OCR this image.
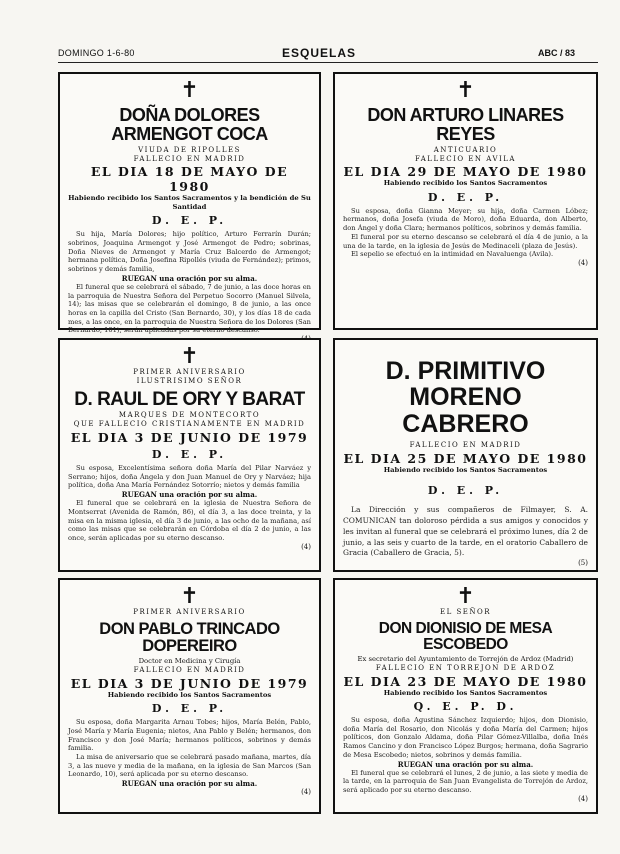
DOMINGO 1-6-80	ESQUELAS	ABC / 83
✝
DOÑA DOLORES ARMENGOT COCA
VIUDA DE RIPOLLES
FALLECIO EN MADRID
EL DIA 18 DE MAYO DE 1980
Habiendo recibido los Santos Sacramentos y la bendición de Su Santidad
D. E. P.

Su hija, María Dolores; hijo político, Arturo Ferrarín Durán; sobrinos, Joaquina Armengot y José Armengot de Pedro; sobrinas, Doña Nieves de Armengot y María Cruz Balcerdo de Armengot; hermana política, Doña Josefina Ripollés (viuda de Fernández); primos, sobrinos y demás familia,

RUEGAN una oración por su alma.

El funeral que se celebrará el sábado, 7 de junio, a las doce horas en la parroquia de Nuestra Señora del Perpetuo Socorro (Manuel Silvela, 14); las misas que se celebrarán el domingo, 8 de junio, a las once horas en la capilla del Cristo (San Bernardo, 30), y los días 18 de cada mes, a las once, en la parroquia de Nuestra Señora de los Dolores (San Bernardo, 101), serán aplicadas por su eterno descanso.

✝
DON ARTURO LINARES REYES
ANTICUARIO
FALLECIO EN AVILA
EL DIA 29 DE MAYO DE 1980
Habiendo recibido los Santos Sacramentos
D. E. P.

Su esposa, doña Gianna Meyer; su hija, doña Carmen Lóbez; hermanos, doña Josefa (viuda de Moro), doña Eduarda, don Alberto, don Ángel y doña Clara; hermanos políticos, sobrinos y demás familia.

El funeral por su eterno descanso se celebrará el día 4 de junio, a la una de la tarde, en la iglesia de Jesús de Medinaceli (plaza de Jesús).

El sepelio se efectuó en la intimidad en Navaluenga (Avila).

(4)
✝
PRIMER ANIVERSARIO
ILUSTRISIMO SEÑOR
D. RAUL DE ORY Y BARAT
MARQUES DE MONTECORTO
QUE FALLECIO CRISTIANAMENTE EN MADRID
EL DIA 3 DE JUNIO DE 1979
D. E. P.

Su esposa, Excelentísima señora doña María del Pilar Narváez y Serrano; hijos, doña Ángela y don Juan Manuel de Ory y Narváez; hija política, doña Ana María Fernández Sotorrío; nietos y demás familia

RUEGAN una oración por su alma.

El funeral que se celebrará en la iglesia de Nuestra Señora de Montserrat (Avenida de Ramón, 86), el día 3, a las doce treinta, y la misa en la misma iglesia, el día 3 de junio, a las ocho de la mañana, así como las misas que se celebrarán en Córdoba el día 2 de junio, a las once, serán aplicadas por su eterno descanso.

(4)
D. PRIMITIVO MORENO CABRERO
FALLECIO EN MADRID
EL DIA 25 DE MAYO DE 1980
Habiendo recibido los Santos Sacramentos
D. E. P.

La Dirección y sus compañeros de Filmayer, S. A. COMUNICAN tan doloroso pérdida a sus amigos y conocidos y les invitan al funeral que se celebrará el próximo lunes, día 2 de junio, a las seis y cuarto de la tarde, en el oratorio Caballero de Gracia (Caballero de Gracia, 5).

(5)
✝
PRIMER ANIVERSARIO
DON PABLO TRINCADO DOPEREIRO
Doctor en Medicina y Cirugía
FALLECIO EN MADRID
EL DIA 3 DE JUNIO DE 1979
Habiendo recibido los Santos Sacramentos
D. E. P.

Su esposa, doña Margarita Arnau Tobes; hijos, María Belén, Pablo, José María y María Eugenia; nietos, Ana Pablo y Belén; hermanos, don Francisco y don José María; hermanos políticos, sobrinos y demás familia.

La misa de aniversario que se celebrará pasado mañana, martes, día 3, a las nueve y media de la mañana, en la iglesia de San Marcos (San Leonardo, 10), será aplicada por su eterno descanso.

RUEGAN una oración por su alma.
(4)
✝
EL SEÑOR
DON DIONISIO DE MESA ESCOBEDO
Ex secretario del Ayuntamiento de Torrejón de Ardoz (Madrid)
FALLECIO EN TORREJON DE ARDOZ
EL DIA 23 DE MAYO DE 1980
Habiendo recibido los Santos Sacramentos
Q. E. P. D.

Su esposa, doña Agustina Sánchez Izquierdo; hijos, don Dionisio, doña María del Rosario, don Nicolás y doña María del Carmen; hijos políticos, don Gonzalo Aldama, doña Pilar Gómez-Villalba, doña Inés Ramos Cancino y don Francisco López Burgos; hermana, doña Sagrario de Mesa Escobedo; nietos, sobrinos y demás familia.

RUEGAN una oración por su alma.

El funeral que se celebrará el lunes, 2 de junio, a las siete y media de la tarde, en la parroquia de San Juan Evangelista de Torrejón de Ardoz, será aplicado por su eterno descanso.

(4)
